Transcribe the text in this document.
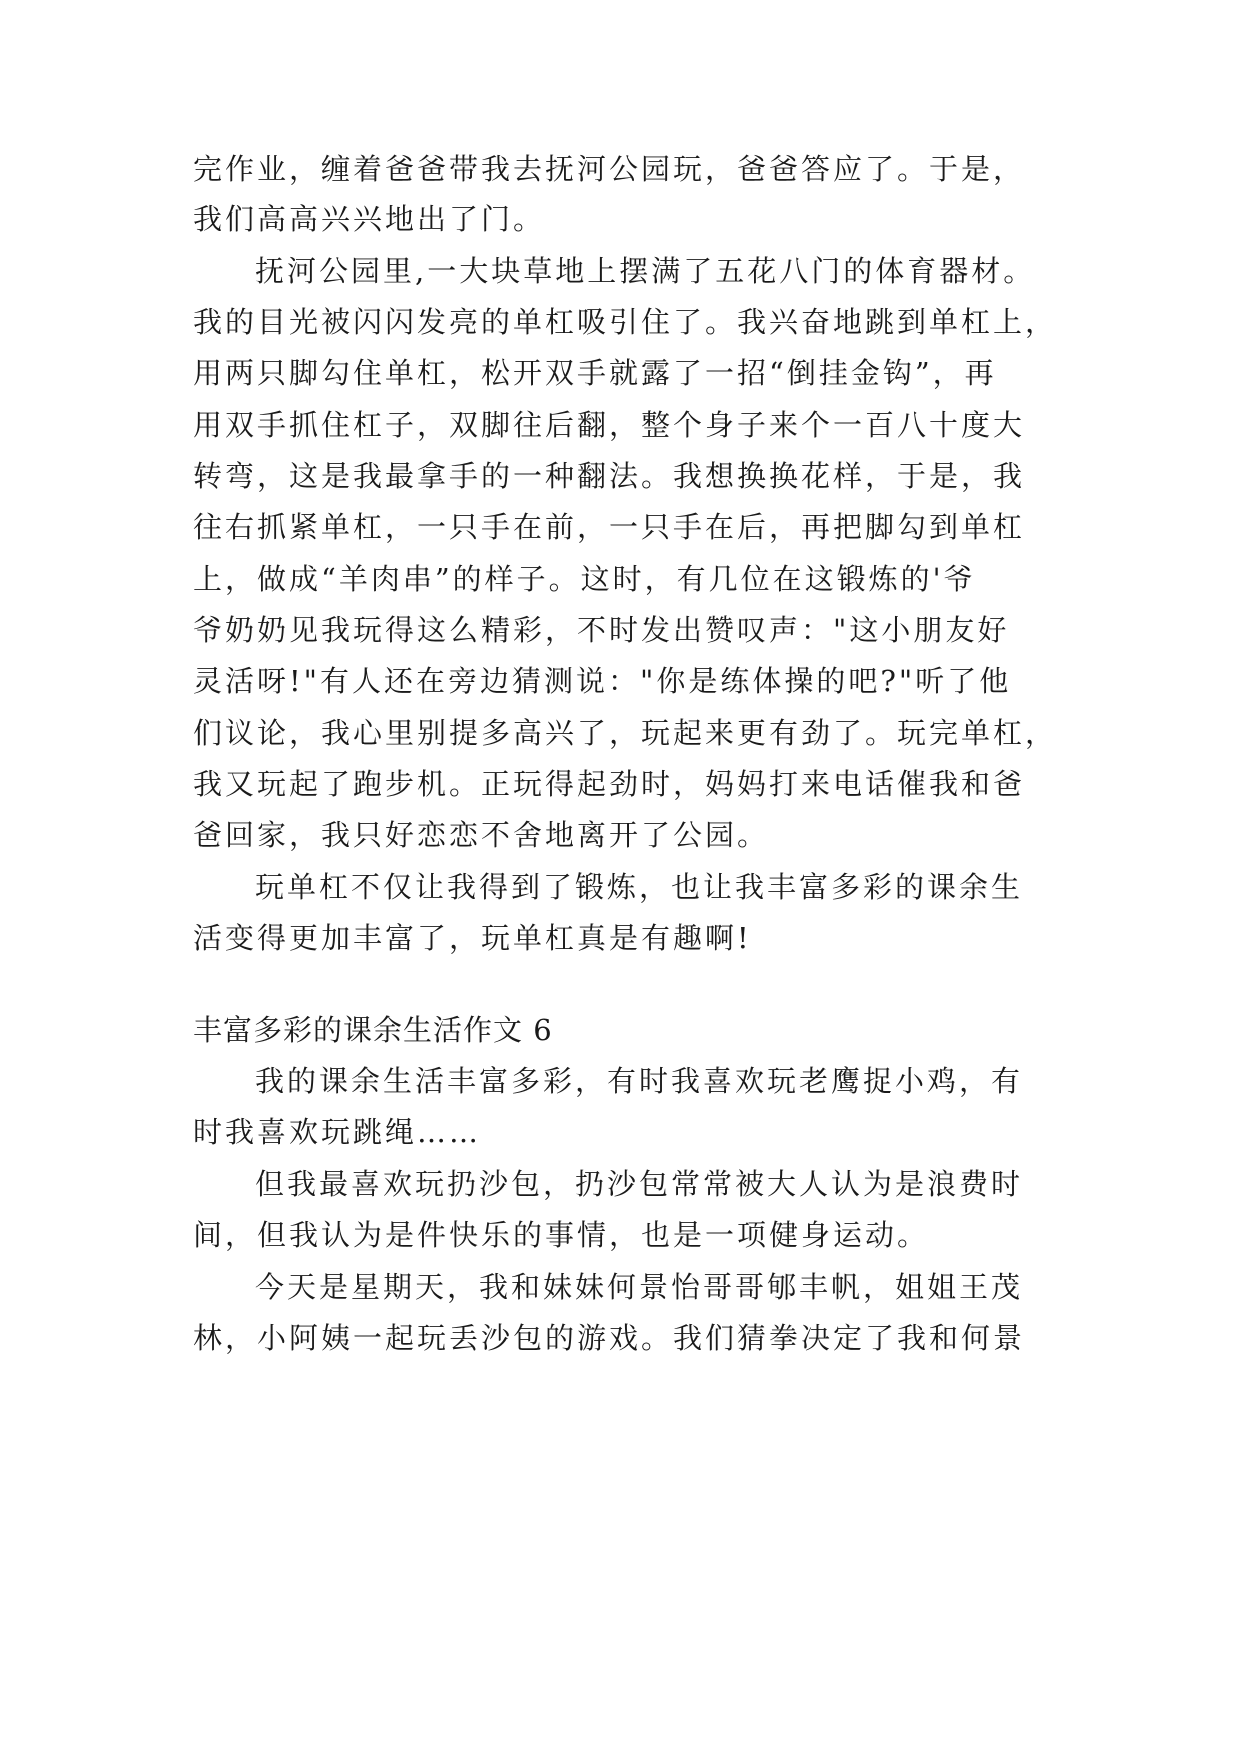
完作业，缠着爸爸带我去抚河公园玩，爸爸答应了。于是，

我们高高兴兴地出了门。

抚河公园里,一大块草地上摆满了五花八门的体育器材。

我的目光被闪闪发亮的单杠吸引住了。我兴奋地跳到单杠上，

用两只脚勾住单杠，松开双手就露了一招“倒挂金钩”，再

用双手抓住杠子，双脚往后翻，整个身子来个一百八十度大

转弯，这是我最拿手的一种翻法。我想换换花样，于是，我

往右抓紧单杠，一只手在前，一只手在后，再把脚勾到单杠

上，做成“羊肉串”的样子。这时，有几位在这锻炼的'爷

爷奶奶见我玩得这么精彩，不时发出赞叹声："这小朋友好

灵活呀!"有人还在旁边猜测说："你是练体操的吧?"听了他

们议论，我心里别提多高兴了，玩起来更有劲了。玩完单杠，

我又玩起了跑步机。正玩得起劲时，妈妈打来电话催我和爸

爸回家，我只好恋恋不舍地离开了公园。

玩单杠不仅让我得到了锻炼，也让我丰富多彩的课余生

活变得更加丰富了，玩单杠真是有趣啊!

丰富多彩的课余生活作文 6

我的课余生活丰富多彩，有时我喜欢玩老鹰捉小鸡，有

时我喜欢玩跳绳……

但我最喜欢玩扔沙包，扔沙包常常被大人认为是浪费时

间，但我认为是件快乐的事情，也是一项健身运动。

今天是星期天，我和妹妹何景怡哥哥郇丰帆，姐姐王茂

林，小阿姨一起玩丢沙包的游戏。我们猜拳决定了我和何景
